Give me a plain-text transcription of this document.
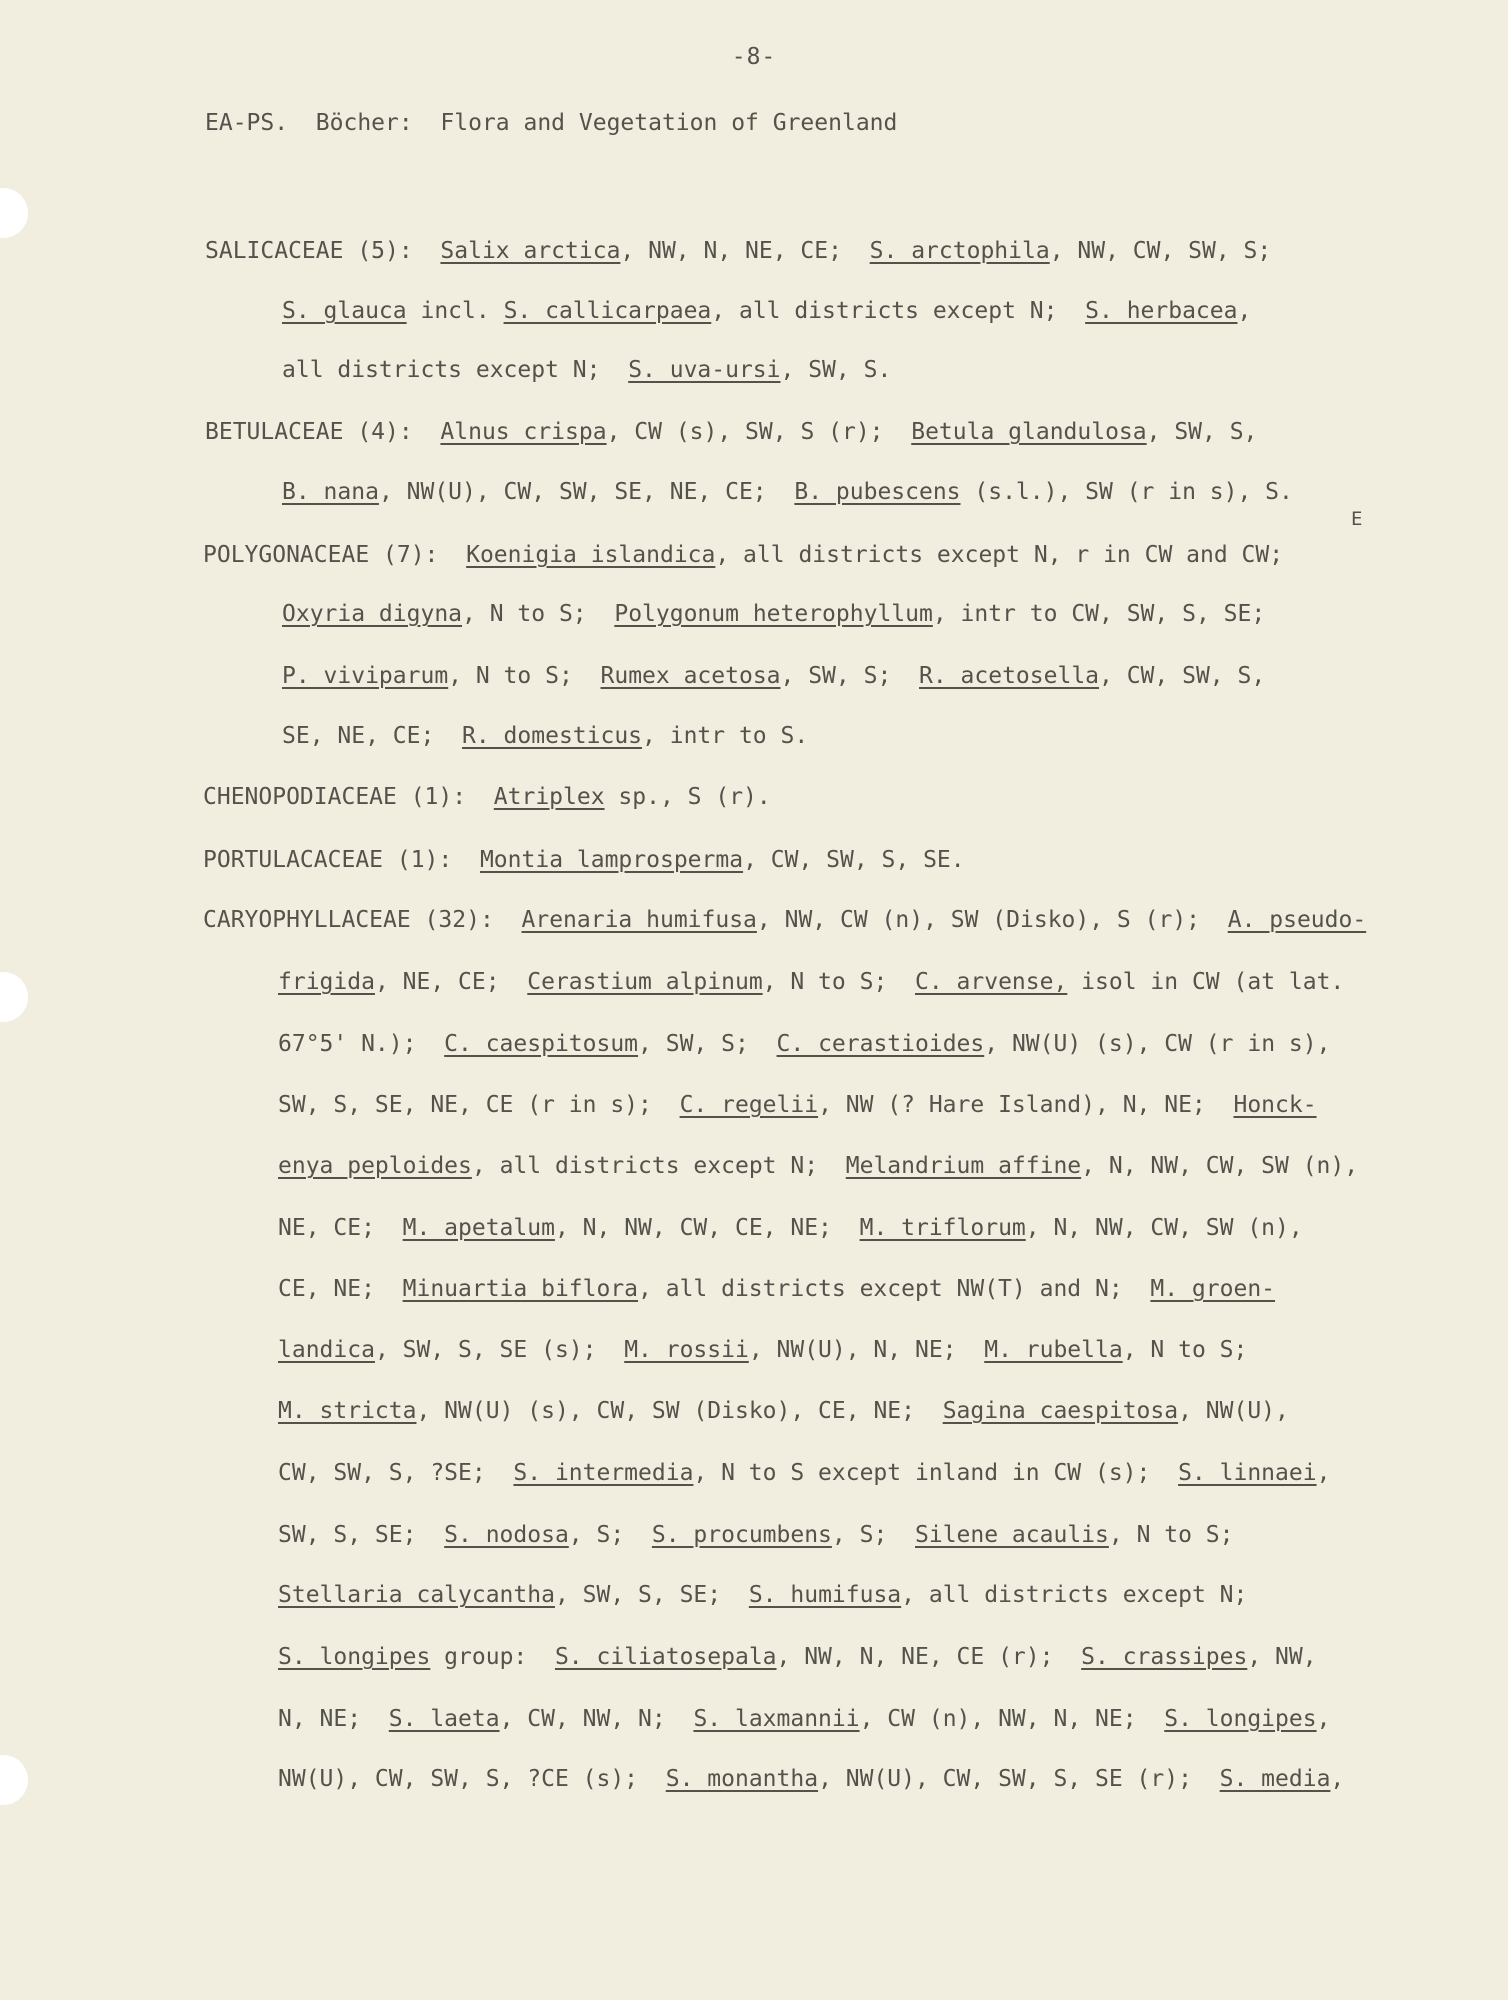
-8-
EA-PS.  Böcher:  Flora and Vegetation of Greenland
E
SALICACEAE (5):  Salix arctica, NW, N, NE, CE;  S. arctophila, NW, CW, SW, S;
S. glauca incl. S. callicarpaea, all districts except N;  S. herbacea,
all districts except N;  S. uva-ursi, SW, S.
BETULACEAE (4):  Alnus crispa, CW (s), SW, S (r);  Betula glandulosa, SW, S,
B. nana, NW(U), CW, SW, SE, NE, CE;  B. pubescens (s.l.), SW (r in s), S.
POLYGONACEAE (7):  Koenigia islandica, all districts except N, r in CW and CW;
Oxyria digyna, N to S;  Polygonum heterophyllum, intr to CW, SW, S, SE;
P. viviparum, N to S;  Rumex acetosa, SW, S;  R. acetosella, CW, SW, S,
SE, NE, CE;  R. domesticus, intr to S.
CHENOPODIACEAE (1):  Atriplex sp., S (r).
PORTULACACEAE (1):  Montia lamprosperma, CW, SW, S, SE.
CARYOPHYLLACEAE (32):  Arenaria humifusa, NW, CW (n), SW (Disko), S (r);  A. pseudo-
frigida, NE, CE;  Cerastium alpinum, N to S;  C. arvense, isol in CW (at lat.
67°5' N.);  C. caespitosum, SW, S;  C. cerastioides, NW(U) (s), CW (r in s),
SW, S, SE, NE, CE (r in s);  C. regelii, NW (? Hare Island), N, NE;  Honck-
enya peploides, all districts except N;  Melandrium affine, N, NW, CW, SW (n),
NE, CE;  M. apetalum, N, NW, CW, CE, NE;  M. triflorum, N, NW, CW, SW (n),
CE, NE;  Minuartia biflora, all districts except NW(T) and N;  M. groen-
landica, SW, S, SE (s);  M. rossii, NW(U), N, NE;  M. rubella, N to S;
M. stricta, NW(U) (s), CW, SW (Disko), CE, NE;  Sagina caespitosa, NW(U),
CW, SW, S, ?SE;  S. intermedia, N to S except inland in CW (s);  S. linnaei,
SW, S, SE;  S. nodosa, S;  S. procumbens, S;  Silene acaulis, N to S;
Stellaria calycantha, SW, S, SE;  S. humifusa, all districts except N;
S. longipes group:  S. ciliatosepala, NW, N, NE, CE (r);  S. crassipes, NW,
N, NE;  S. laeta, CW, NW, N;  S. laxmannii, CW (n), NW, N, NE;  S. longipes,
NW(U), CW, SW, S, ?CE (s);  S. monantha, NW(U), CW, SW, S, SE (r);  S. media,
